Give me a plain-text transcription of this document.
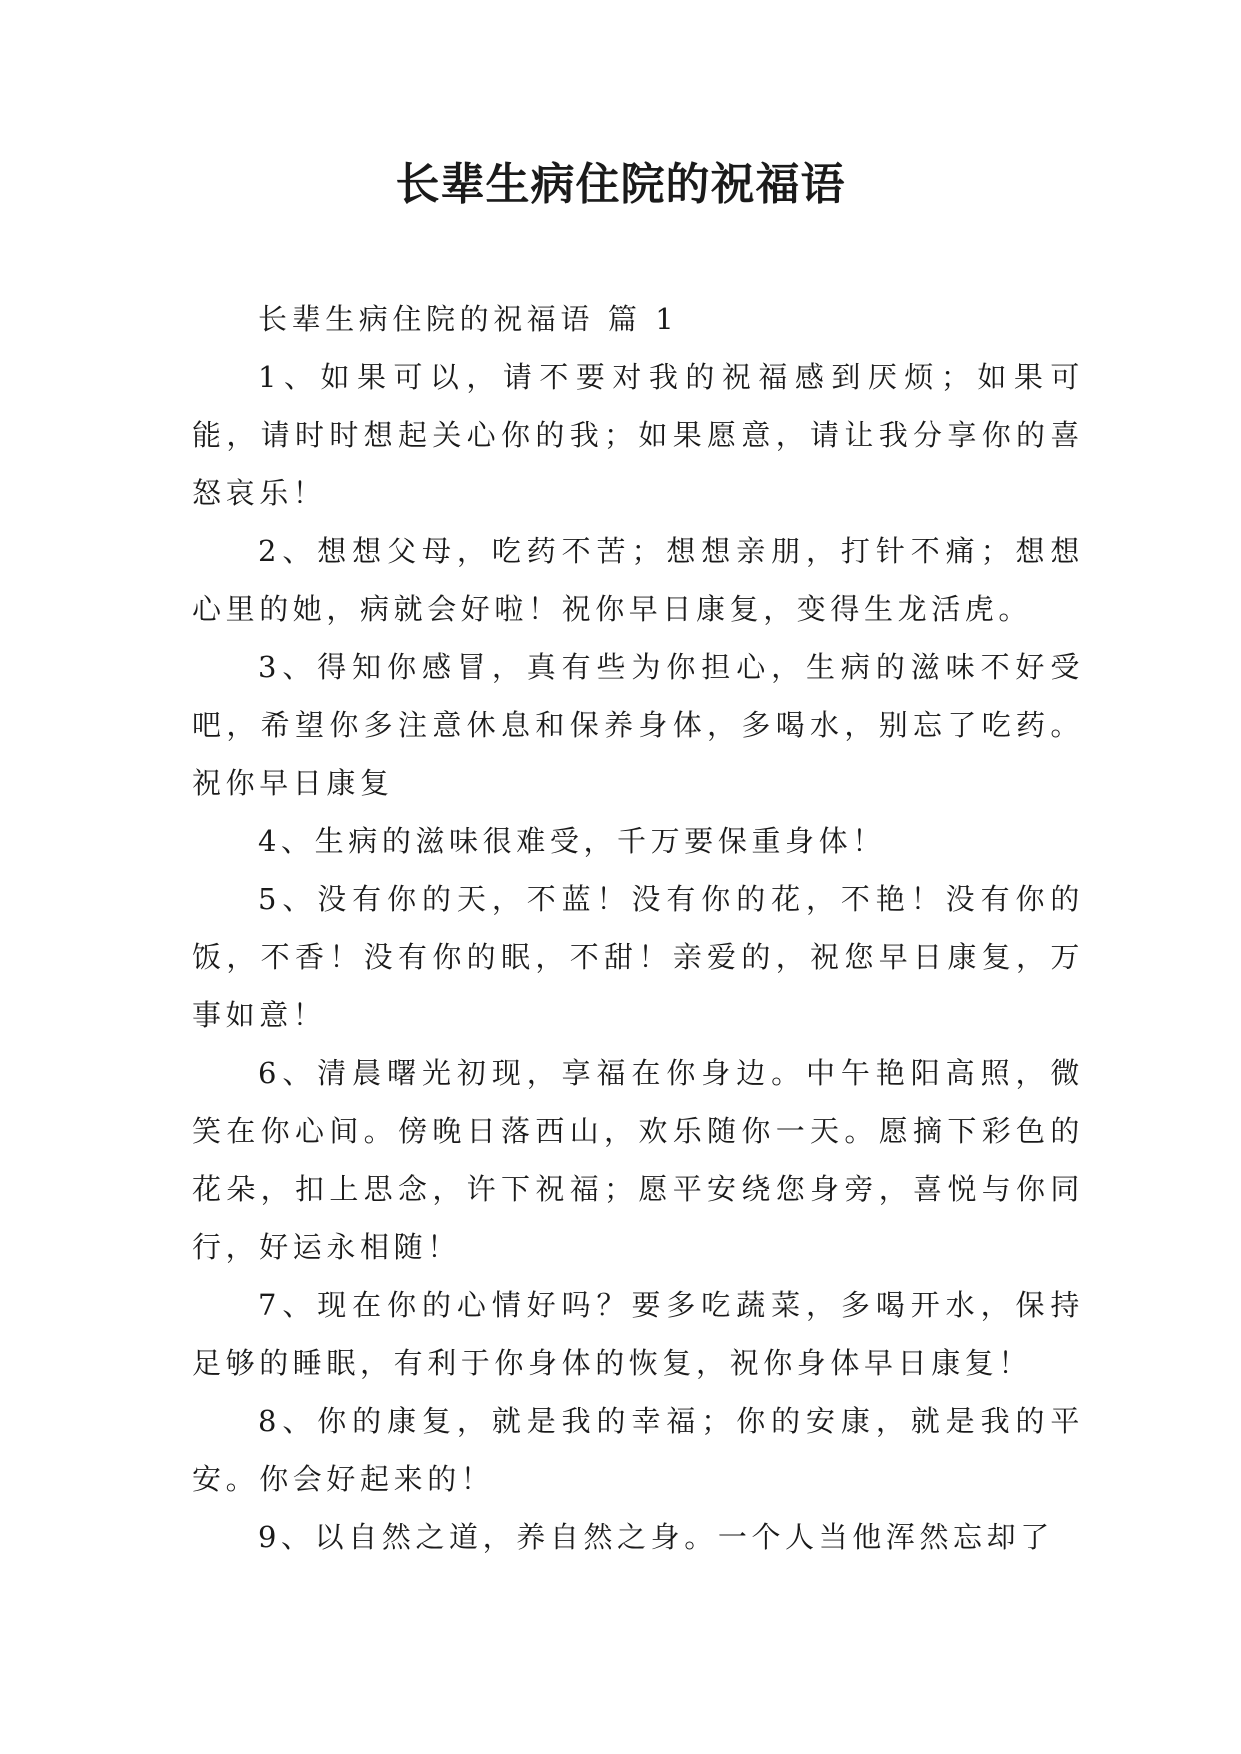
长辈生病住院的祝福语

长辈生病住院的祝福语 篇 1

1、如果可以，请不要对我的祝福感到厌烦；如果可能，请时时想起关心你的我；如果愿意，请让我分享你的喜怒哀乐！

2、想想父母，吃药不苦；想想亲朋，打针不痛；想想心里的她，病就会好啦！祝你早日康复，变得生龙活虎。

3、得知你感冒，真有些为你担心，生病的滋味不好受吧，希望你多注意休息和保养身体，多喝水，别忘了吃药。祝你早日康复

4、生病的滋味很难受，千万要保重身体！

5、没有你的天，不蓝！没有你的花，不艳！没有你的饭，不香！没有你的眠，不甜！亲爱的，祝您早日康复，万事如意！

6、清晨曙光初现，享福在你身边。中午艳阳高照，微笑在你心间。傍晚日落西山，欢乐随你一天。愿摘下彩色的花朵，扣上思念，许下祝福；愿平安绕您身旁，喜悦与你同行，好运永相随！

7、现在你的心情好吗？要多吃蔬菜，多喝开水，保持足够的睡眠，有利于你身体的恢复，祝你身体早日康复！

8、你的康复，就是我的幸福；你的安康，就是我的平安。你会好起来的！

9、以自然之道，养自然之身。一个人当他浑然忘却了
